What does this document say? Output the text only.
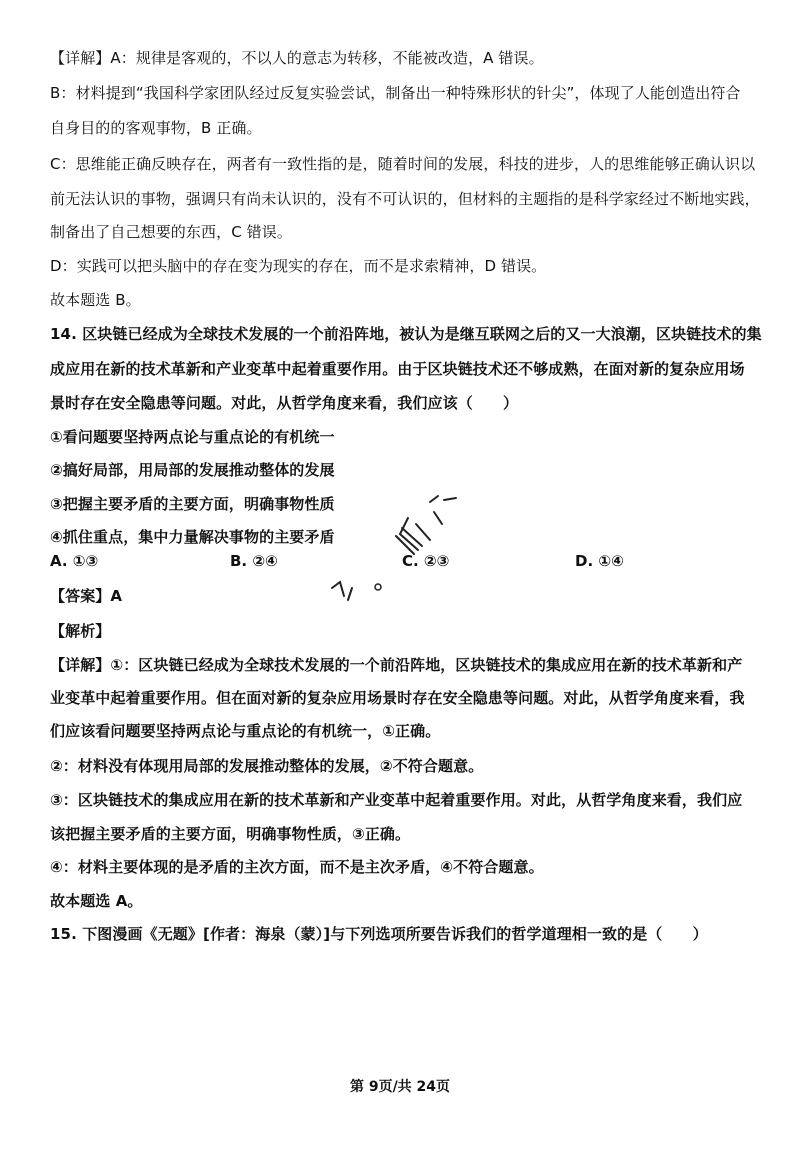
【详解】A：规律是客观的，不以人的意志为转移，不能被改造，A 错误。
B：材料提到“我国科学家团队经过反复实验尝试，制备出一种特殊形状的针尖”，体现了人能创造出符合
自身目的的客观事物，B 正确。
C：思维能正确反映存在，两者有一致性指的是，随着时间的发展，科技的进步，人的思维能够正确认识以
前无法认识的事物，强调只有尚未认识的，没有不可认识的，但材料的主题指的是科学家经过不断地实践，
制备出了自己想要的东西，C 错误。
D：实践可以把头脑中的存在变为现实的存在，而不是求索精神，D 错误。
故本题选 B。
14. 区块链已经成为全球技术发展的一个前沿阵地，被认为是继互联网之后的又一大浪潮，区块链技术的集
成应用在新的技术革新和产业变革中起着重要作用。由于区块链技术还不够成熟，在面对新的复杂应用场
景时存在安全隐患等问题。对此，从哲学角度来看，我们应该（　　）
①看问题要坚持两点论与重点论的有机统一
②搞好局部，用局部的发展推动整体的发展
③把握主要矛盾的主要方面，明确事物性质
④抓住重点，集中力量解决事物的主要矛盾
A. ①③	B. ②④	C. ②③	D. ①④
【答案】A
【解析】
【详解】①：区块链已经成为全球技术发展的一个前沿阵地，区块链技术的集成应用在新的技术革新和产
业变革中起着重要作用。但在面对新的复杂应用场景时存在安全隐患等问题。对此，从哲学角度来看，我
们应该看问题要坚持两点论与重点论的有机统一，①正确。
②：材料没有体现用局部的发展推动整体的发展，②不符合题意。
③：区块链技术的集成应用在新的技术革新和产业变革中起着重要作用。对此，从哲学角度来看，我们应
该把握主要矛盾的主要方面，明确事物性质，③正确。
④：材料主要体现的是矛盾的主次方面，而不是主次矛盾，④不符合题意。
故本题选 A。
15. 下图漫画《无题》[作者：海泉（蒙）]与下列选项所要告诉我们的哲学道理相一致的是（　　）
第 9页/共 24页
